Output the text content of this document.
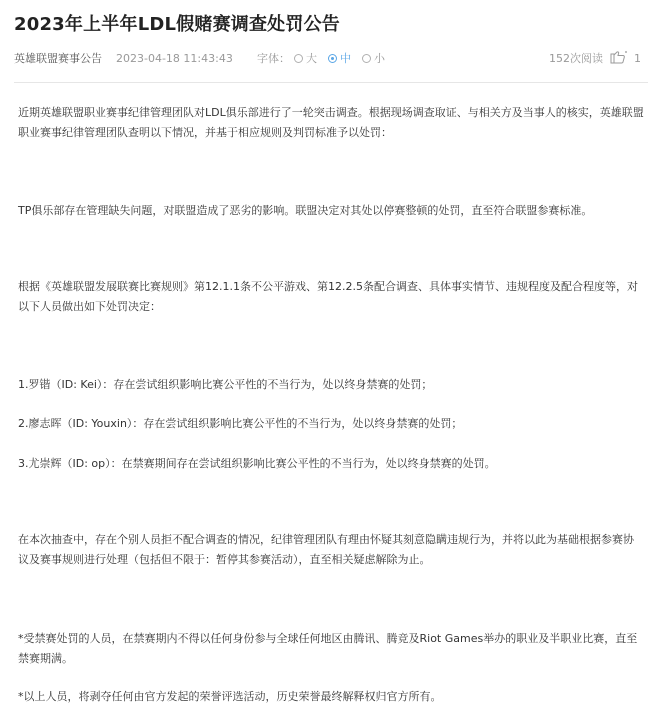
2023年上半年LDL假赌赛调查处罚公告
英雄联盟赛事公告 2023-04-18 11:43:43 字体：	大	中	小	152次阅读	1

近期英雄联盟职业赛事纪律管理团队对LDL俱乐部进行了一轮突击调查。根据现场调查取证、与相关方及当事人的核实，英雄联盟职业赛事纪律管理团队查明以下情况，并基于相应规则及判罚标准予以处罚：

TP俱乐部存在管理缺失问题，对联盟造成了恶劣的影响。联盟决定对其处以停赛整顿的处罚，直至符合联盟参赛标准。

根据《英雄联盟发展联赛比赛规则》第12.1.1条不公平游戏、第12.2.5条配合调查、具体事实情节、违规程度及配合程度等，对以下人员做出如下处罚决定：

1.罗锴（ID: Kei）：存在尝试组织影响比赛公平性的不当行为，处以终身禁赛的处罚；

2.廖志晖（ID: Youxin）：存在尝试组织影响比赛公平性的不当行为，处以终身禁赛的处罚；

3.尤崇辉（ID: op）：在禁赛期间存在尝试组织影响比赛公平性的不当行为，处以终身禁赛的处罚。

在本次抽查中，存在个别人员拒不配合调查的情况，纪律管理团队有理由怀疑其刻意隐瞒违规行为，并将以此为基础根据参赛协议及赛事规则进行处理（包括但不限于：暂停其参赛活动），直至相关疑虑解除为止。

*受禁赛处罚的人员，在禁赛期内不得以任何身份参与全球任何地区由腾讯、腾竞及Riot Games举办的职业及半职业比赛，直至禁赛期满。

*以上人员，将剥夺任何由官方发起的荣誉评选活动，历史荣誉最终解释权归官方所有。
